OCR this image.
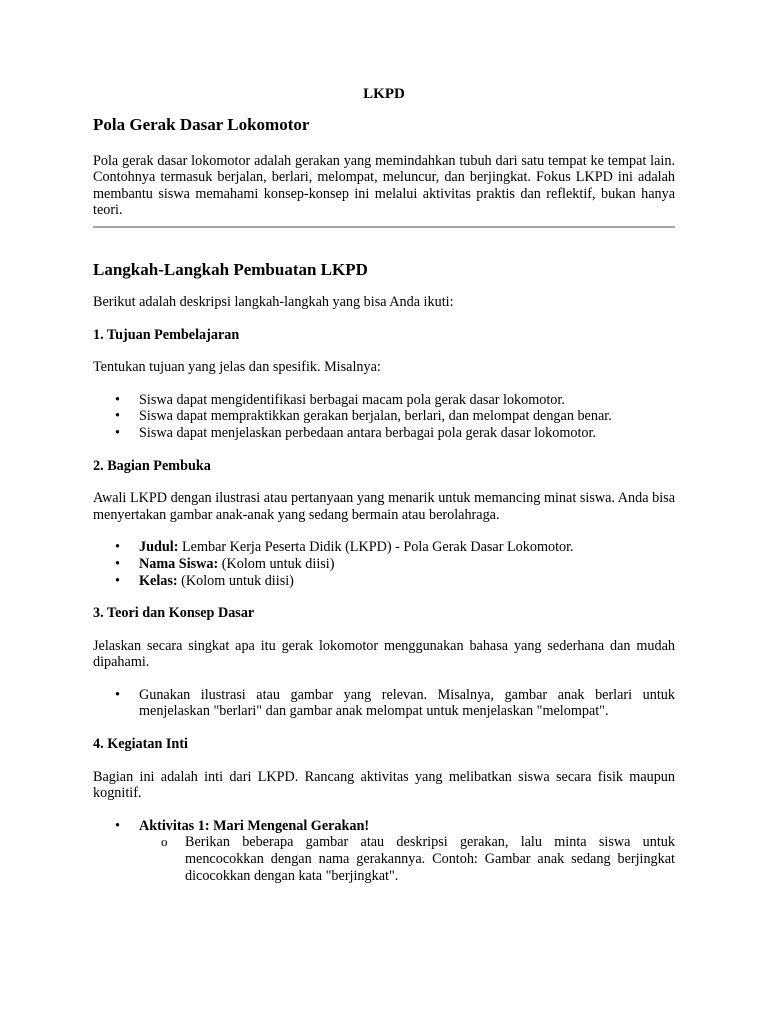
LKPD
Pola Gerak Dasar Lokomotor

Pola gerak dasar lokomotor adalah gerakan yang memindahkan tubuh dari satu tempat ke tempat lain. Contohnya termasuk berjalan, berlari, melompat, meluncur, dan berjingkat. Fokus LKPD ini adalah membantu siswa memahami konsep-konsep ini melalui aktivitas praktis dan reflektif, bukan hanya teori.

Langkah-Langkah Pembuatan LKPD

Berikut adalah deskripsi langkah-langkah yang bisa Anda ikuti:

1. Tujuan Pembelajaran

Tentukan tujuan yang jelas dan spesifik. Misalnya:

• Siswa dapat mengidentifikasi berbagai macam pola gerak dasar lokomotor.
• Siswa dapat mempraktikkan gerakan berjalan, berlari, dan melompat dengan benar.
• Siswa dapat menjelaskan perbedaan antara berbagai pola gerak dasar lokomotor.
2. Bagian Pembuka

Awali LKPD dengan ilustrasi atau pertanyaan yang menarik untuk memancing minat siswa. Anda bisa menyertakan gambar anak-anak yang sedang bermain atau berolahraga.

• Judul: Lembar Kerja Peserta Didik (LKPD) - Pola Gerak Dasar Lokomotor.
• Nama Siswa: (Kolom untuk diisi)
• Kelas: (Kolom untuk diisi)
3. Teori dan Konsep Dasar

Jelaskan secara singkat apa itu gerak lokomotor menggunakan bahasa yang sederhana dan mudah dipahami.

• Gunakan ilustrasi atau gambar yang relevan. Misalnya, gambar anak berlari untuk menjelaskan "berlari" dan gambar anak melompat untuk menjelaskan "melompat".
4. Kegiatan Inti

Bagian ini adalah inti dari LKPD. Rancang aktivitas yang melibatkan siswa secara fisik maupun kognitif.

• Aktivitas 1: Mari Mengenal Gerakan!
o Berikan beberapa gambar atau deskripsi gerakan, lalu minta siswa untuk mencocokkan dengan nama gerakannya. Contoh: Gambar anak sedang berjingkat dicocokkan dengan kata "berjingkat".
